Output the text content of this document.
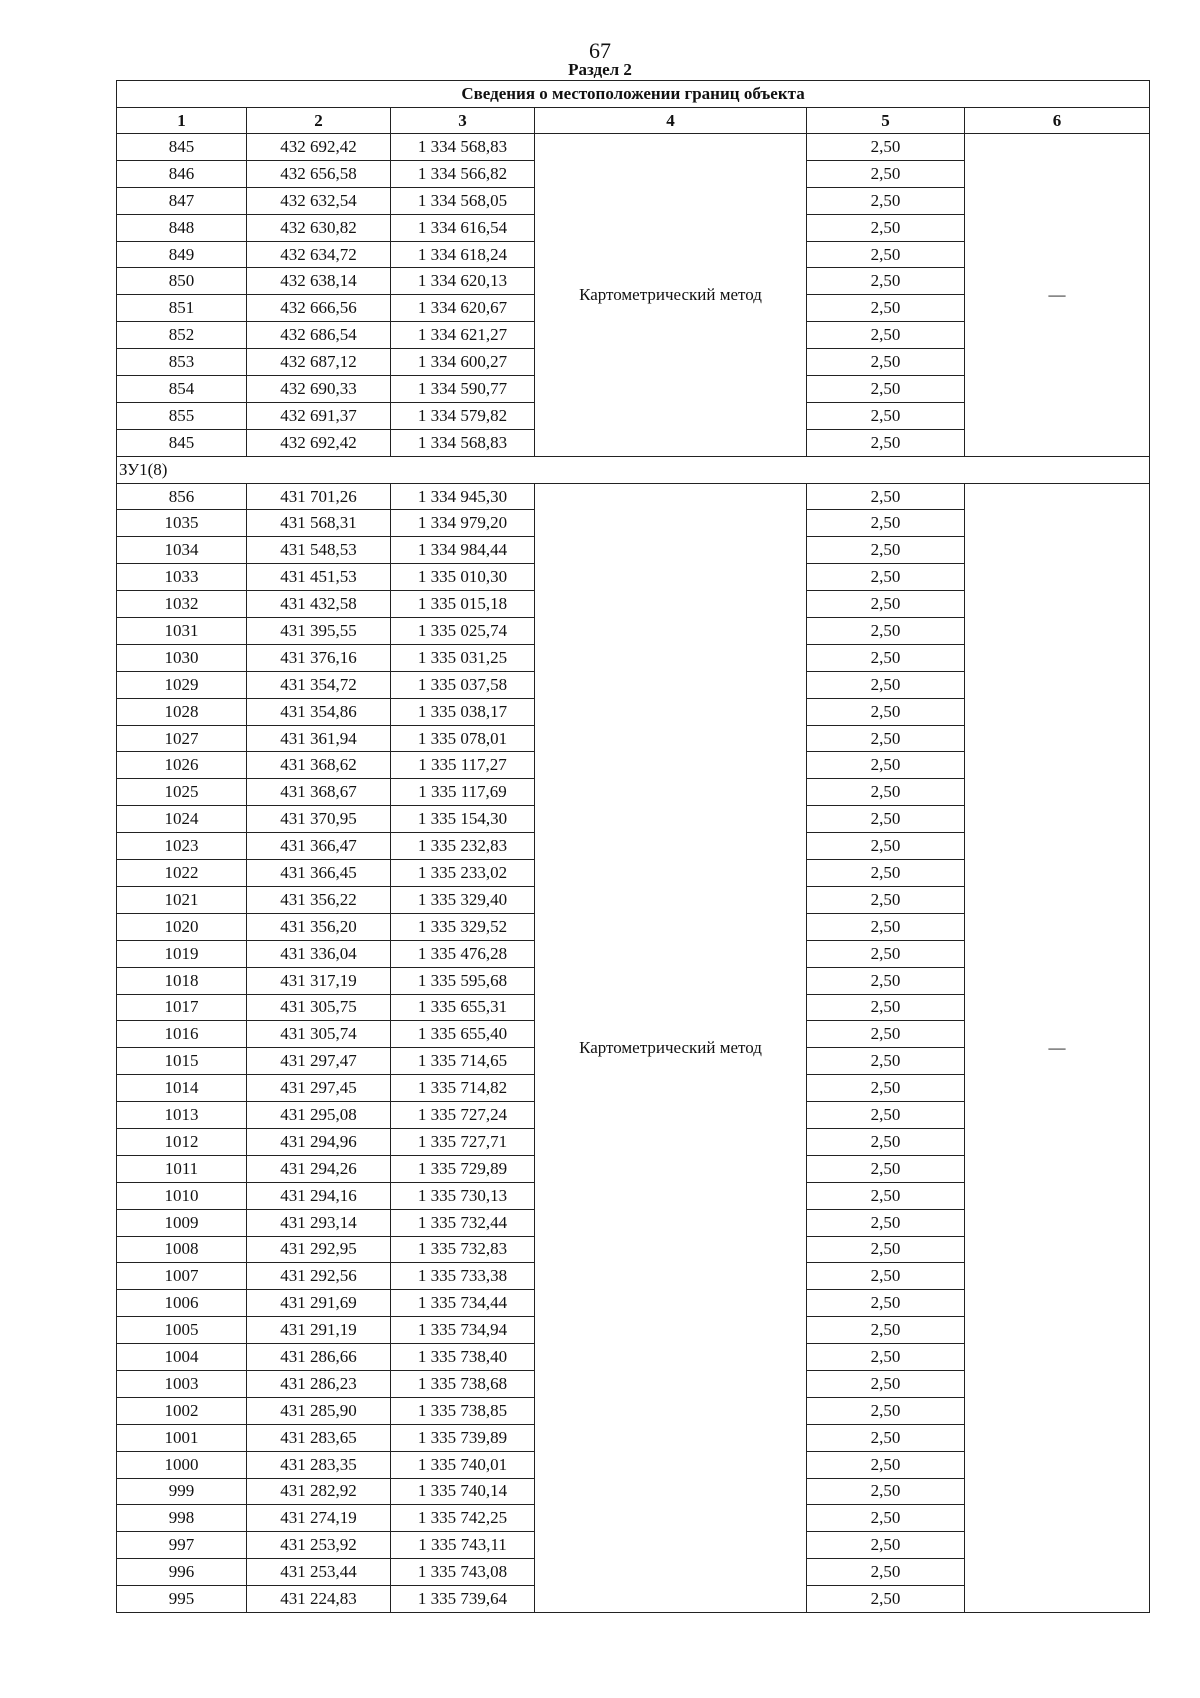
67
Раздел 2
Сведения о местоположении границ объекта					
1	2	3	4	5	6
845	432 692,42	1 334 568,83	Картометрический метод	2,50	—
846	432 656,58	1 334 566,82		2,50	
847	432 632,54	1 334 568,05		2,50	
848	432 630,82	1 334 616,54		2,50	
849	432 634,72	1 334 618,24		2,50	
850	432 638,14	1 334 620,13		2,50	
851	432 666,56	1 334 620,67		2,50	
852	432 686,54	1 334 621,27		2,50	
853	432 687,12	1 334 600,27		2,50	
854	432 690,33	1 334 590,77		2,50	
855	432 691,37	1 334 579,82		2,50	
845	432 692,42	1 334 568,83		2,50	
ЗУ1(8)					
856	431 701,26	1 334 945,30	Картометрический метод	2,50	—
1035	431 568,31	1 334 979,20		2,50	
1034	431 548,53	1 334 984,44		2,50	
1033	431 451,53	1 335 010,30		2,50	
1032	431 432,58	1 335 015,18		2,50	
1031	431 395,55	1 335 025,74		2,50	
1030	431 376,16	1 335 031,25		2,50	
1029	431 354,72	1 335 037,58		2,50	
1028	431 354,86	1 335 038,17		2,50	
1027	431 361,94	1 335 078,01		2,50	
1026	431 368,62	1 335 117,27		2,50	
1025	431 368,67	1 335 117,69		2,50	
1024	431 370,95	1 335 154,30		2,50	
1023	431 366,47	1 335 232,83		2,50	
1022	431 366,45	1 335 233,02		2,50	
1021	431 356,22	1 335 329,40		2,50	
1020	431 356,20	1 335 329,52		2,50	
1019	431 336,04	1 335 476,28		2,50	
1018	431 317,19	1 335 595,68		2,50	
1017	431 305,75	1 335 655,31		2,50	
1016	431 305,74	1 335 655,40		2,50	
1015	431 297,47	1 335 714,65		2,50	
1014	431 297,45	1 335 714,82		2,50	
1013	431 295,08	1 335 727,24		2,50	
1012	431 294,96	1 335 727,71		2,50	
1011	431 294,26	1 335 729,89		2,50	
1010	431 294,16	1 335 730,13		2,50	
1009	431 293,14	1 335 732,44		2,50	
1008	431 292,95	1 335 732,83		2,50	
1007	431 292,56	1 335 733,38		2,50	
1006	431 291,69	1 335 734,44		2,50	
1005	431 291,19	1 335 734,94		2,50	
1004	431 286,66	1 335 738,40		2,50	
1003	431 286,23	1 335 738,68		2,50	
1002	431 285,90	1 335 738,85		2,50	
1001	431 283,65	1 335 739,89		2,50	
1000	431 283,35	1 335 740,01		2,50	
999	431 282,92	1 335 740,14		2,50	
998	431 274,19	1 335 742,25		2,50	
997	431 253,92	1 335 743,11		2,50	
996	431 253,44	1 335 743,08		2,50	
995	431 224,83	1 335 739,64		2,50	
